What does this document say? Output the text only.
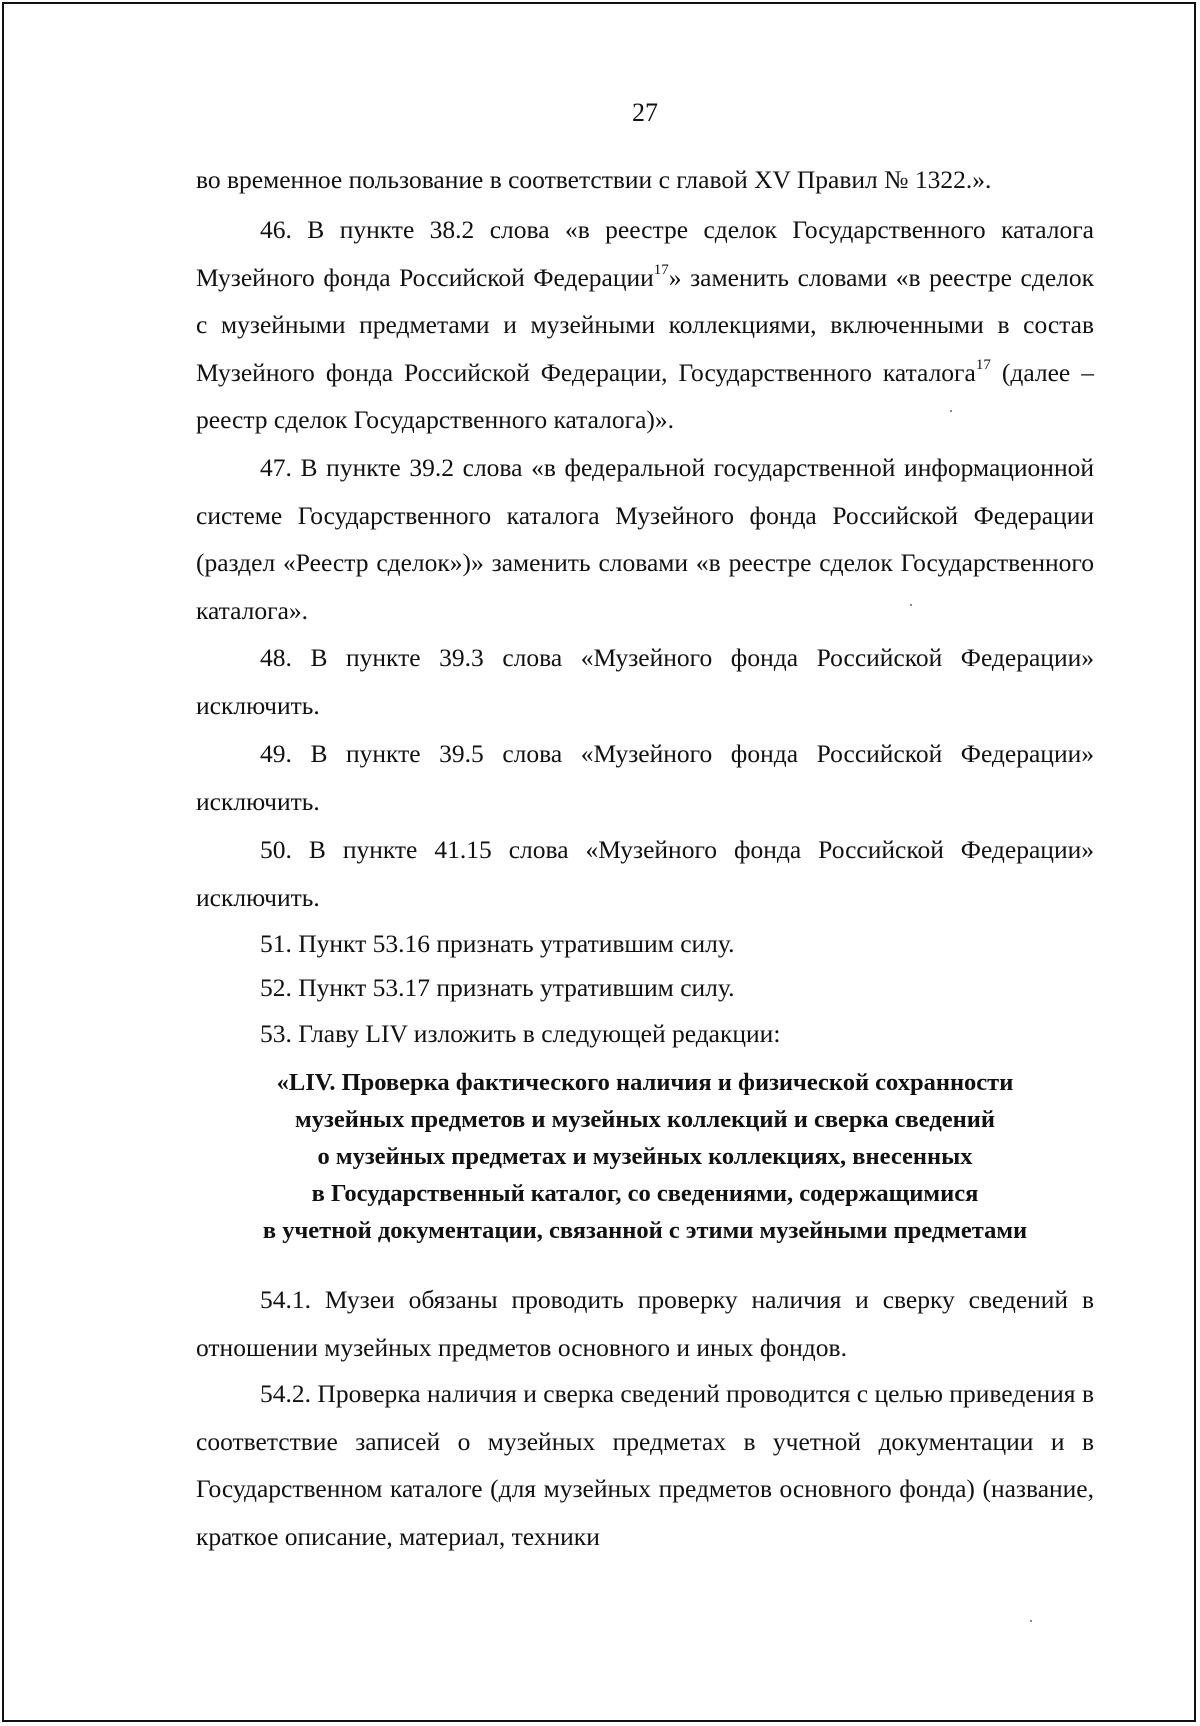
27

во временное пользование в соответствии с главой XV Правил № 1322.».

46. В пункте 38.2 слова «в реестре сделок Государственного каталога Музейного фонда Российской Федерации$^{17}$» заменить словами «в реестре сделок с музейными предметами и музейными коллекциями, включенными в состав Музейного фонда Российской Федерации, Государственного каталога$^{17}$ (далее – реестр сделок Государственного каталога)».

47. В пункте 39.2 слова «в федеральной государственной информационной системе Государственного каталога Музейного фонда Российской Федерации (раздел «Реестр сделок»)» заменить словами «в реестре сделок Государственного каталога».

48. В пункте 39.3 слова «Музейного фонда Российской Федерации» исключить.

49. В пункте 39.5 слова «Музейного фонда Российской Федерации» исключить.

50. В пункте 41.15 слова «Музейного фонда Российской Федерации» исключить.

51. Пункт 53.16 признать утратившим силу.
52. Пункт 53.17 признать утратившим силу.
53. Главу LIV изложить в следующей редакции:
«LIV. Проверка фактического наличия и физической сохранности
музейных предметов и музейных коллекций и сверка сведений
о музейных предметах и музейных коллекциях, внесенных
в Государственный каталог, со сведениями, содержащимися
в учетной документации, связанной с этими музейными предметами

54.1. Музеи обязаны проводить проверку наличия и сверку сведений в отношении музейных предметов основного и иных фондов.

54.2. Проверка наличия и сверка сведений проводится с целью приведения в соответствие записей о музейных предметах в учетной документации и в Государственном каталоге (для музейных предметов основного фонда) (название, краткое описание, материал, техники
